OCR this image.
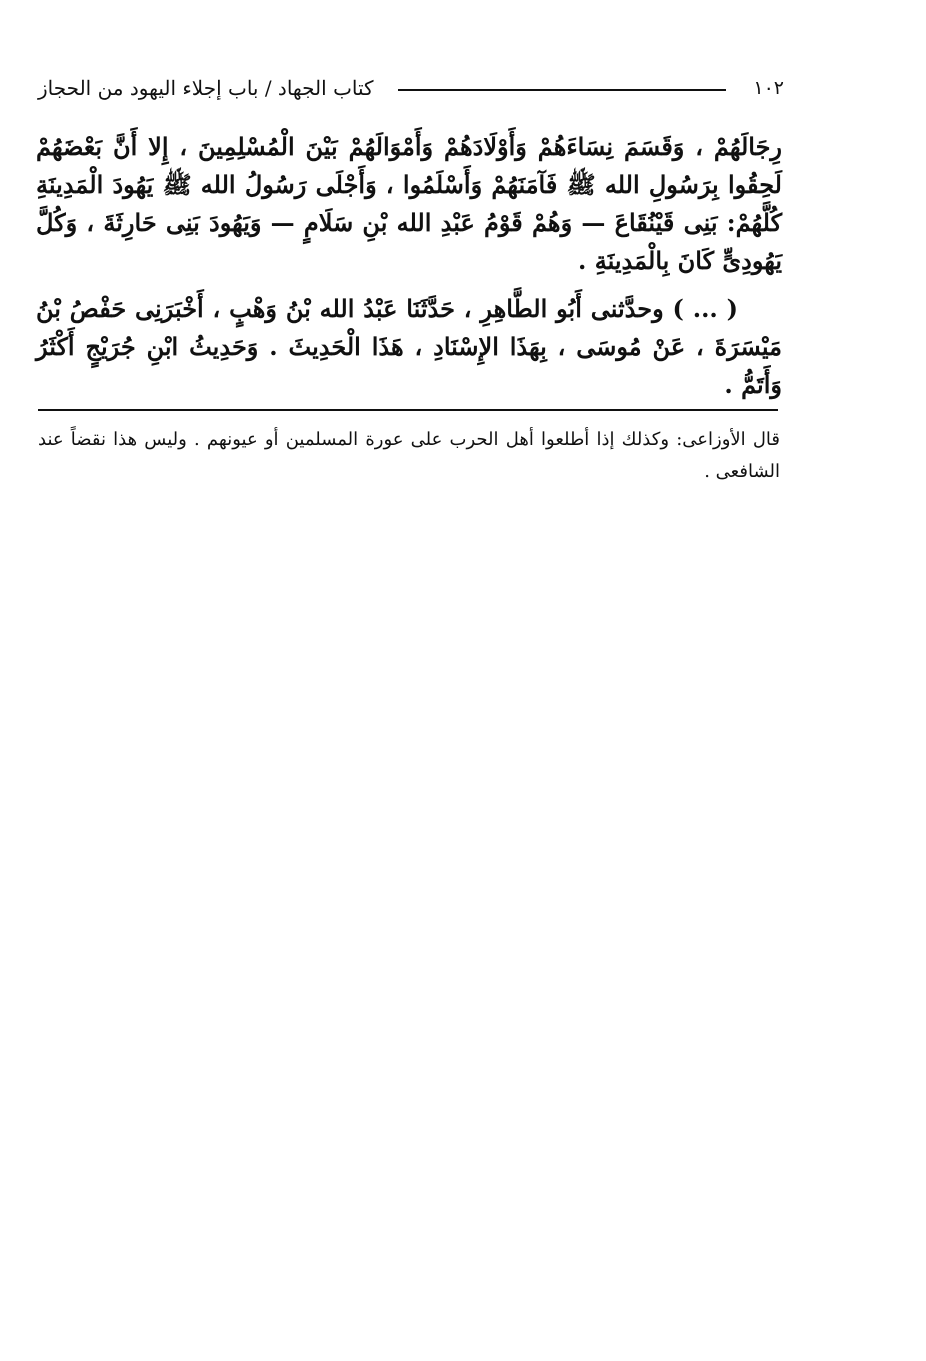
١٠٢
كتاب الجهاد / باب إجلاء اليهود من الحجاز

رِجَالَهُمْ ، وَقَسَمَ نِسَاءَهُمْ وَأَوْلَادَهُمْ وَأَمْوَالَهُمْ بَيْنَ الْمُسْلِمِينَ ، إِلا أَنَّ بَعْضَهُمْ لَحِقُوا بِرَسُولِ الله ﷺ فَآمَنَهُمْ وَأَسْلَمُوا ، وَأَجْلَى رَسُولُ الله ﷺ يَهُودَ الْمَدِينَةِ كُلَّهُمْ: بَنِى قَيْنُقَاعَ — وَهُمْ قَوْمُ عَبْدِ الله بْنِ سَلَامٍ — وَيَهُودَ بَنِى حَارِثَةَ ، وَكُلَّ يَهُودِىٍّ كَانَ بِالْمَدِينَةِ .

( ... ) وحدَّثنى أَبُو الطَّاهِرِ ، حَدَّثَنَا عَبْدُ الله بْنُ وَهْبٍ ، أَخْبَرَنِى حَفْصُ بْنُ مَيْسَرَةَ ، عَنْ مُوسَى ، بِهَذَا الإِسْنَادِ ، هَذَا الْحَدِيثَ . وَحَدِيثُ ابْنِ جُرَيْجٍ أَكْثَرُ وَأَتَمُّ .

قال الأوزاعى: وكذلك إذا أطلعوا أهل الحرب على عورة المسلمين أو عيونهم . وليس هذا نقضاً عند الشافعى .
